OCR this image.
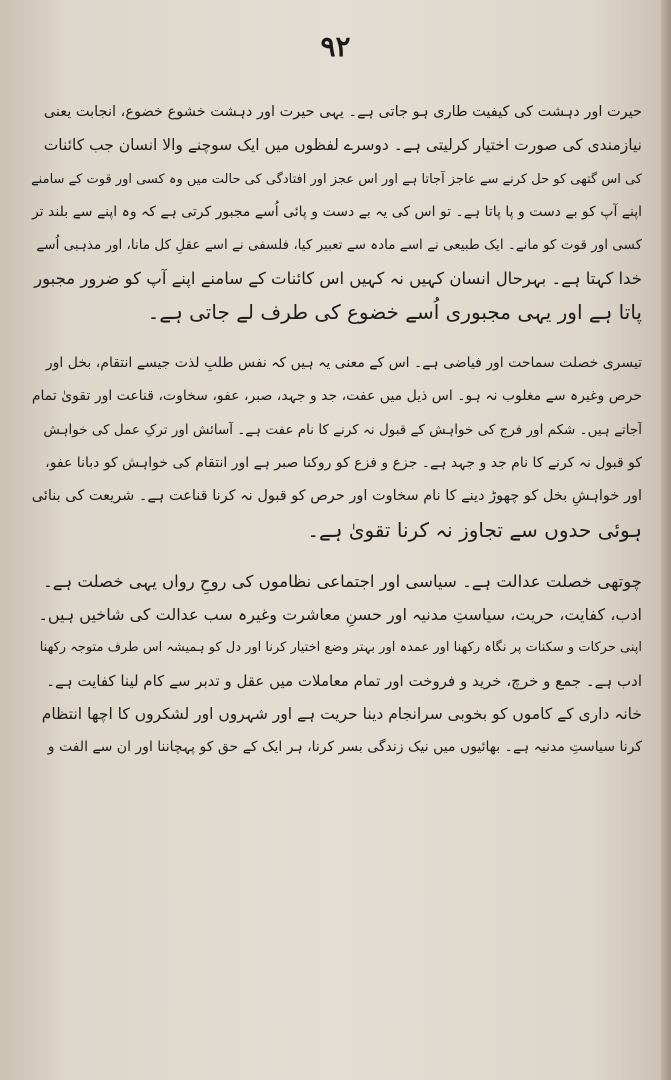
۹۲
حیرت اور دہشت کی کیفیت طاری ہو جاتی ہے۔ یہی حیرت اور دہشت خشوع خضوع، انجابت یعنی
نیازمندی کی صورت اختیار کرلیتی ہے۔ دوسرے لفظوں میں ایک سوچنے والا انسان جب کائنات
کی اس گتھی کو حل کرنے سے عاجز آجاتا ہے اور اس عجز اور افتادگی کی حالت میں وہ کسی اور قوت کے سامنے
اپنے آپ کو بے دست و پا پاتا ہے۔ تو اس کی یہ بے دست و پائی اُسے مجبور کرتی ہے کہ وہ اپنے سے بلند تر
کسی اور قوت کو مانے۔ ایک طبیعی نے اسے مادہ سے تعبیر کیا، فلسفی نے اسے عقلِ کل مانا، اور مذہبی اُسے
خدا کہتا ہے۔ بہرحال انسان کہیں نہ کہیں اس کائنات کے سامنے اپنے آپ کو ضرور مجبور
پاتا ہے اور یہی مجبوری اُسے خضوع کی طرف لے جاتی ہے۔
تیسری خصلت سماحت اور فیاضی ہے۔ اس کے معنی یہ ہیں کہ نفس طلبِ لذت جیسے انتقام، بخل اور
حرص وغیرہ سے مغلوب نہ ہو۔ اس ذیل میں عفت، جد و جہد، صبر، عفو، سخاوت، قناعت اور تقویٰ تمام
آجاتے ہیں۔ شکم اور فرج کی خواہش کے قبول نہ کرنے کا نام عفت ہے۔ آسائش اور ترکِ عمل کی خواہش
کو قبول نہ کرنے کا نام جد و جہد ہے۔ جزع و فزع کو روکنا صبر ہے اور انتقام کی خواہش کو دبانا عفو،
اور خواہشِ بخل کو چھوڑ دینے کا نام سخاوت اور حرص کو قبول نہ کرنا قناعت ہے۔ شریعت کی بنائی
ہوئی حدوں سے تجاوز نہ کرنا تقویٰ ہے۔
چوتھی خصلت عدالت ہے۔ سیاسی اور اجتماعی نظاموں کی روحِ رواں یہی خصلت ہے۔
ادب، کفایت، حریت، سیاستِ مدنیہ اور حسنِ معاشرت وغیرہ سب عدالت کی شاخیں ہیں۔
اپنی حرکات و سکنات پر نگاہ رکھنا اور عمدہ اور بہتر وضع اختیار کرنا اور دل کو ہمیشہ اس طرف متوجہ رکھنا
ادب ہے۔ جمع و خرچ، خرید و فروخت اور تمام معاملات میں عقل و تدبر سے کام لینا کفایت ہے۔
خانہ داری کے کاموں کو بخوبی سرانجام دینا حریت ہے اور شہروں اور لشکروں کا اچھا انتظام
کرنا سیاستِ مدنیہ ہے۔ بھائیوں میں نیک زندگی بسر کرنا، ہر ایک کے حق کو پہچاننا اور ان سے الفت و
